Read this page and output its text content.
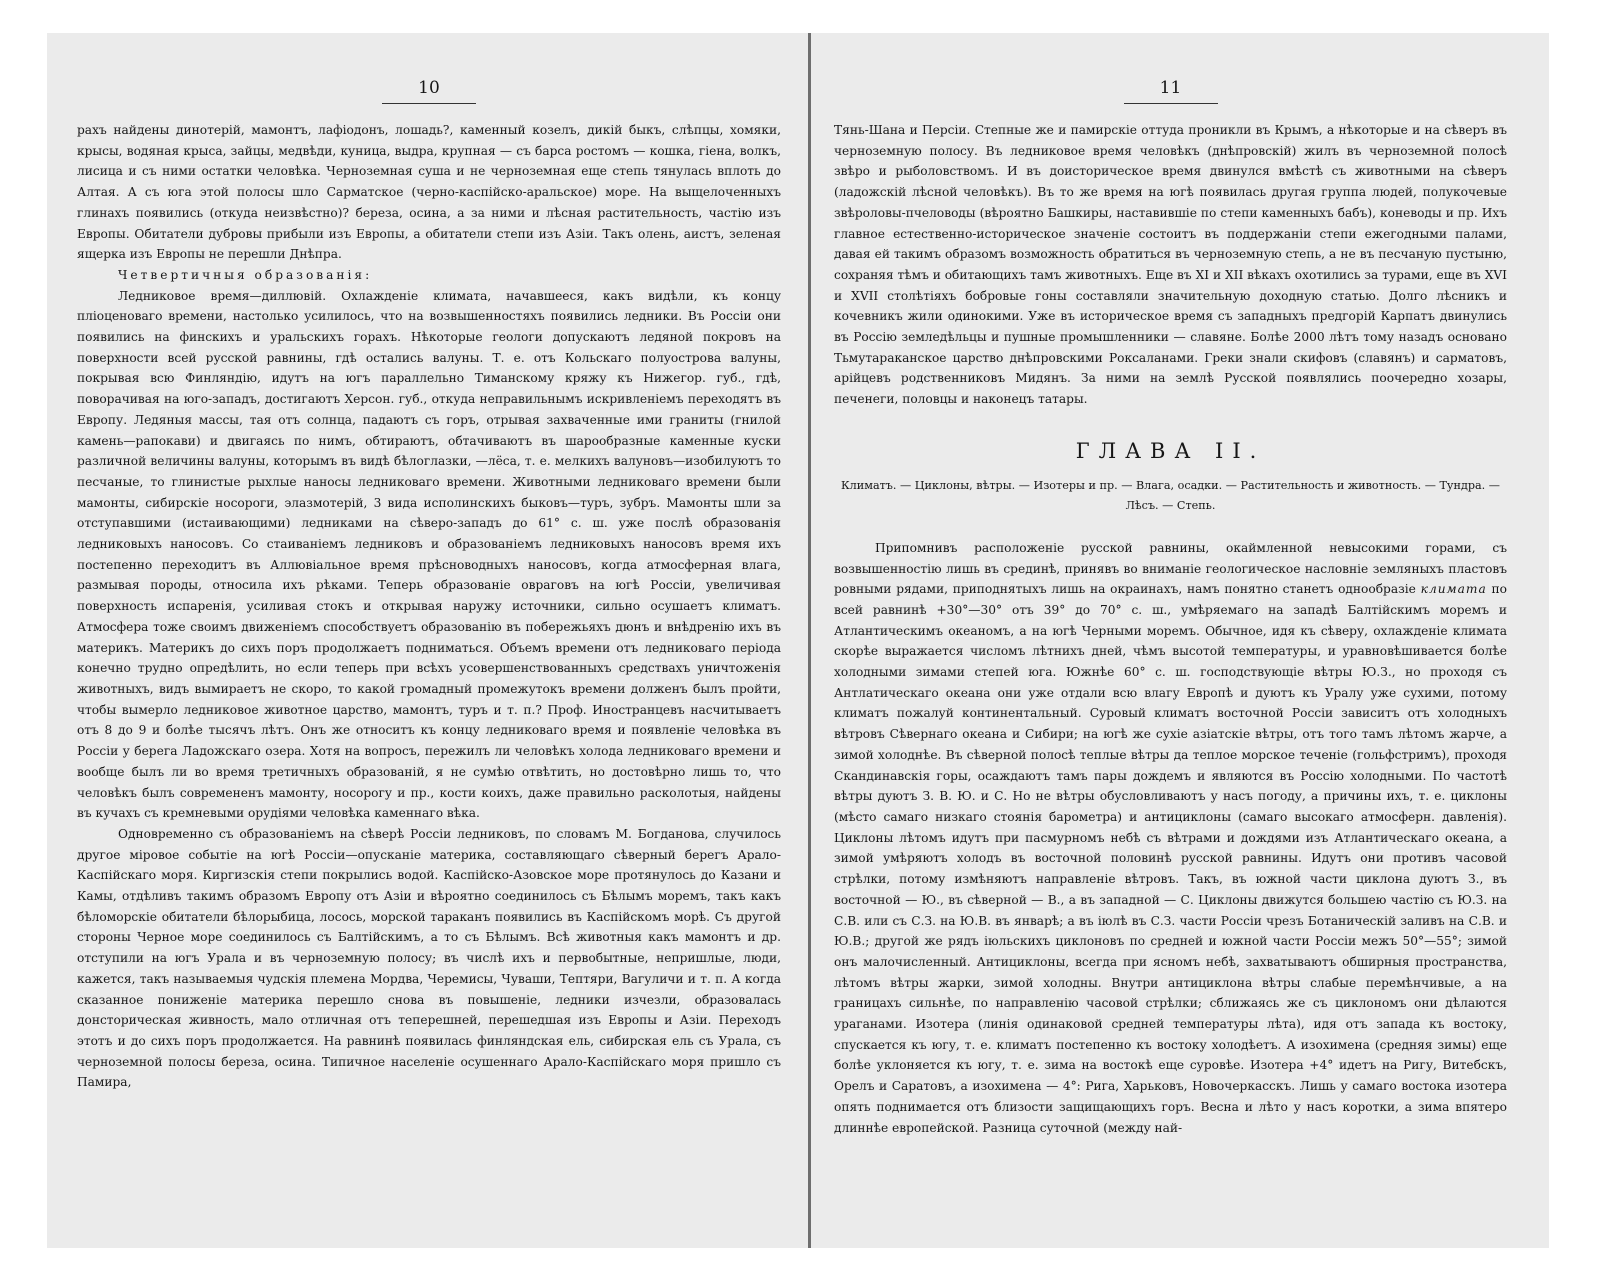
10

рахъ найдены динотерій, мамонтъ, лафіодонъ, лошадь?, каменный козелъ, дикій быкъ, слѣпцы, хомяки, крысы, водяная крыса, зайцы, медвѣди, куница, выдра, крупная — съ барса ростомъ — кошка, гіена, волкъ, лисица и съ ними остатки человѣка. Черноземная суша и не черноземная еще степь тянулась вплоть до Алтая. А съ юга этой полосы шло Сарматское (черно-каспійско-аральское) море. На выщелоченныхъ глинахъ появились (откуда неизвѣстно)? береза, осина, а за ними и лѣсная растительность, частію изъ Европы. Обитатели дубровы прибыли изъ Европы, а обитатели степи изъ Азіи. Такъ олень, аистъ, зеленая ящерка изъ Европы не перешли Днѣпра.

Четвертичныя образованія:

Ледниковое время—диллювій. Охлажденіе климата, начавшееся, какъ видѣли, къ концу пліоценоваго времени, настолько усилилось, что на возвышенностяхъ появились ледники. Въ Россіи они появились на финскихъ и уральскихъ горахъ. Нѣкоторые геологи допускаютъ ледяной покровъ на поверхности всей русской равнины, гдѣ остались валуны. Т. е. отъ Кольскаго полуострова валуны, покрывая всю Финляндію, идутъ на югъ параллельно Тиманскому кряжу къ Нижегор. губ., гдѣ, поворачивая на юго-западъ, достигаютъ Херсон. губ., откуда неправильнымъ искривленіемъ переходятъ въ Европу. Ледяныя массы, тая отъ солнца, падаютъ съ горъ, отрывая захваченные ими граниты (гнилой камень—рапокави) и двигаясь по нимъ, обтираютъ, обтачиваютъ въ шарообразные каменные куски различной величины валуны, которымъ въ видѣ бѣлоглазки, —лёса, т. е. мелкихъ валуновъ—изобилуютъ то песчаные, то глинистые рыхлые наносы ледниковаго времени. Животными ледниковаго времени были мамонты, сибирскіе носороги, элазмотерій, 3 вида исполинскихъ быковъ—туръ, зубръ. Мамонты шли за отступавшими (истаивающими) ледниками на сѣверо-западъ до 61° с. ш. уже послѣ образованія ледниковыхъ наносовъ. Со стаиваніемъ ледниковъ и образованіемъ ледниковыхъ наносовъ время ихъ постепенно переходитъ въ Аллювіальное время прѣсноводныхъ наносовъ, когда атмосферная влага, размывая породы, относила ихъ рѣками. Теперь образованіе овраговъ на югѣ Россіи, увеличивая поверхность испаренія, усиливая стокъ и открывая наружу источники, сильно осушаетъ климатъ. Атмосфера тоже своимъ движеніемъ способствуетъ образованію въ побережьяхъ дюнъ и внѣдренію ихъ въ материкъ. Материкъ до сихъ поръ продолжаетъ подниматься. Объемъ времени отъ ледниковаго періода конечно трудно опредѣлить, но если теперь при всѣхъ усовершенствованныхъ средствахъ уничтоженія животныхъ, видъ вымираетъ не скоро, то какой громадный промежутокъ времени долженъ былъ пройти, чтобы вымерло ледниковое животное царство, мамонтъ, туръ и т. п.? Проф. Иностранцевъ насчитываетъ отъ 8 до 9 и болѣе тысячъ лѣтъ. Онъ же относитъ къ концу ледниковаго время и появленіе человѣка въ Россіи у берега Ладожскаго озера. Хотя на вопросъ, пережилъ ли человѣкъ холода ледниковаго времени и вообще былъ ли во время третичныхъ образованій, я не сумѣю отвѣтить, но достовѣрно лишь то, что человѣкъ былъ современенъ мамонту, носорогу и пр., кости коихъ, даже правильно расколотыя, найдены въ кучахъ съ кремневыми орудіями человѣка каменнаго вѣка.

Одновременно съ образованіемъ на сѣверѣ Россіи ледниковъ, по словамъ М. Богданова, случилось другое міровое событіе на югѣ Россіи—опусканіе материка, составляющаго сѣверный берегъ Арало-Каспійскаго моря. Киргизскія степи покрылись водой. Каспійско-Азовское море протянулось до Казани и Камы, отдѣливъ такимъ образомъ Европу отъ Азіи и вѣроятно соединилось съ Бѣлымъ моремъ, такъ какъ бѣломорскіе обитатели бѣлорыбица, лосось, морской тараканъ появились въ Каспійскомъ морѣ. Съ другой стороны Черное море соединилось съ Балтійскимъ, а то съ Бѣлымъ. Всѣ животныя какъ мамонтъ и др. отступили на югъ Урала и въ черноземную полосу; въ числѣ ихъ и первобытные, непришлые, люди, кажется, такъ называемыя чудскія племена Мордва, Черемисы, Чуваши, Тептяри, Вагуличи и т. п. А когда сказанное пониженіе материка перешло снова въ повышеніе, ледники изчезли, образовалась донсторическая живность, мало отличная отъ теперешней, перешедшая изъ Европы и Азіи. Переходъ этотъ и до сихъ поръ продолжается. На равнинѣ появилась финляндская ель, сибирская ель съ Урала, съ черноземной полосы береза, осина. Типичное населеніе осушеннаго Арало-Каспійскаго моря пришло съ Памира,

11

Тянь-Шана и Персіи. Степные же и памирскіе оттуда проникли въ Крымъ, а нѣкоторые и на сѣверъ въ черноземную полосу. Въ ледниковое время человѣкъ (днѣпровскій) жилъ въ черноземной полосѣ звѣро и рыболовствомъ. И въ доисторическое время двинулся вмѣстѣ съ животными на сѣверъ (ладожскій лѣсной человѣкъ). Въ то же время на югѣ появилась другая группа людей, полукочевые звѣроловы-пчеловоды (вѣроятно Башкиры, наставившіе по степи каменныхъ бабъ), коневоды и пр. Ихъ главное естественно-историческое значеніе состоитъ въ поддержаніи степи ежегодными палами, давая ей такимъ образомъ возможность обратиться въ черноземную степь, а не въ песчаную пустыню, сохраняя тѣмъ и обитающихъ тамъ животныхъ. Еще въ XI и XII вѣкахъ охотились за турами, еще въ XVI и XVII столѣтіяхъ бобровые гоны составляли значительную доходную статью. Долго лѣсникъ и кочевникъ жили одинокими. Уже въ историческое время съ западныхъ предгорій Карпатъ двинулись въ Россію земледѣльцы и пушные промышленники — славяне. Болѣе 2000 лѣтъ тому назадъ основано Тьмутараканское царство днѣпровскими Роксаланами. Греки знали скифовъ (славянъ) и сарматовъ, арійцевъ родственниковъ Мидянъ. За ними на землѣ Русской появлялись поочередно хозары, печенеги, половцы и наконецъ татары.

ГЛАВА II.
Климатъ. — Циклоны, вѣтры. — Изотеры и пр. — Влага, осадки. — Растительность и животность. — Тундра. — Лѣсъ. — Степь.

Припомнивъ расположеніе русской равнины, окаймленной невысокими горами, съ возвышенностію лишь въ срединѣ, принявъ во вниманіе геологическое насловніе земляныхъ пластовъ ровными рядами, приподнятыхъ лишь на окраинахъ, намъ понятно станетъ однообразіе климата по всей равнинѣ +30°—30° отъ 39° до 70° с. ш., умѣряемаго на западѣ Балтійскимъ моремъ и Атлантическимъ океаномъ, а на югѣ Черными моремъ. Обычное, идя къ сѣверу, охлажденіе климата скорѣе выражается числомъ лѣтнихъ дней, чѣмъ высотой температуры, и уравновѣшивается болѣе холодными зимами степей юга. Южнѣе 60° с. ш. господствующіе вѣтры Ю.З., но проходя съ Антлатическаго океана они уже отдали всю влагу Европѣ и дуютъ къ Уралу уже сухими, потому климатъ пожалуй континентальный. Суровый климатъ восточной Россіи зависитъ отъ холодныхъ вѣтровъ Сѣвернаго океана и Сибири; на югѣ же сухіе азіатскіе вѣтры, отъ того тамъ лѣтомъ жарче, а зимой холоднѣе. Въ сѣверной полосѣ теплые вѣтры да теплое морское теченіе (гольфстримъ), проходя Скандинавскія горы, осаждаютъ тамъ пары дождемъ и являются въ Россію холодными. По частотѣ вѣтры дуютъ З. В. Ю. и С. Но не вѣтры обусловливаютъ у насъ погоду, а причины ихъ, т. е. циклоны (мѣсто самаго низкаго стоянія барометра) и антициклоны (самаго высокаго атмосферн. давленія). Циклоны лѣтомъ идутъ при пасмурномъ небѣ съ вѣтрами и дождями изъ Атлантическаго океана, а зимой умѣряютъ холодъ въ восточной половинѣ русской равнины. Идутъ они противъ часовой стрѣлки, потому измѣняютъ направленіе вѣтровъ. Такъ, въ южной части циклона дуютъ З., въ восточной — Ю., въ сѣверной — В., а въ западной — С. Циклоны движутся большею частію съ Ю.З. на С.В. или съ С.З. на Ю.В. въ январѣ; а въ іюлѣ въ С.З. части Россіи чрезъ Ботаническій заливъ на С.В. и Ю.В.; другой же рядъ іюльскихъ циклоновъ по средней и южной части Россіи межъ 50°—55°; зимой онъ малочисленный. Антициклоны, всегда при ясномъ небѣ, захватываютъ обширныя пространства, лѣтомъ вѣтры жарки, зимой холодны. Внутри антициклона вѣтры слабые перемѣнчивые, а на границахъ сильнѣе, по направленію часовой стрѣлки; сближаясь же съ циклономъ они дѣлаются ураганами. Изотера (линія одинаковой средней температуры лѣта), идя отъ запада къ востоку, спускается къ югу, т. е. климатъ постепенно къ востоку холодѣетъ. А изохимена (средняя зимы) еще болѣе уклоняется къ югу, т. е. зима на востокѣ еще суровѣе. Изотера +4° идетъ на Ригу, Витебскъ, Орелъ и Саратовъ, а изохимена — 4°: Рига, Харьковъ, Новочеркасскъ. Лишь у самаго востока изотера опять поднимается отъ близости защищающихъ горъ. Весна и лѣто у насъ коротки, а зима впятеро длиннѣе европейской. Разница суточной (между най-
